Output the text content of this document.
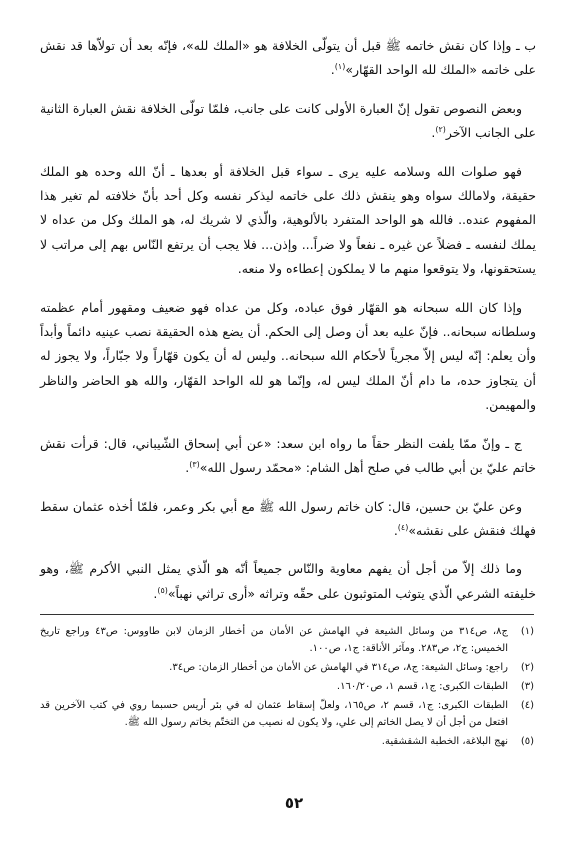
ب ـ وإذا كان نقش خاتمه ﷺ قبل أن يتولّى الخلافة هو «الملك لله»، فإنّه بعد أن تولاّها قد نقش على خاتمه «الملك لله الواحد القهّار»$^{(١)}$.

وبعض النصوص تقول إنّ العبارة الأولى كانت على جانب، فلمّا تولّى الخلافة نقش العبارة الثانية على الجانب الآخر$^{(٢)}$.

فهو صلوات الله وسلامه عليه يرى ـ سواء قبل الخلافة أو بعدها ـ أنّ الله وحده هو الملك حقيقة، ولامالك سواه وهو ينقش ذلك على خاتمه ليذكر نفسه وكل أحد بأنّ خلافته لم تغير هذا المفهوم عنده.. فالله هو الواحد المتفرد بالألوهية، والّذي لا شريك له، هو الملك وكل من عداه لا يملك لنفسه ـ فضلاً عن غيره ـ نفعاً ولا ضراً... وإذن... فلا يجب أن يرتفع النّاس بهم إلى مراتب لا يستحقونها، ولا يتوقعوا منهم ما لا يملكون إعطاءه ولا منعه.

وإذا كان الله سبحانه هو القهّار فوق عباده، وكل من عداه فهو ضعيف ومقهور أمام عظمته وسلطانه سبحانه.. فإنّ عليه بعد أن وصل إلى الحكم. أن يضع هذه الحقيقة نصب عينيه دائماً وأبداً وأن يعلم: إنّه ليس إلاّ مجرياً لأحكام الله سبحانه.. وليس له أن يكون قهّاراً ولا جبّاراً، ولا يجوز له أن يتجاوز حده، ما دام أنّ الملك ليس له، وإنّما هو لله الواحد القهّار، والله هو الحاضر والناظر والمهيمن.

ج ـ وإنّ ممّا يلفت النظر حقاً ما رواه ابن سعد: «عن أبي إسحاق الشّيباني، قال: قرأت نقش خاتم عليّ بن أبي طالب في صلح أهل الشام: «محمّد رسول الله»$^{(٣)}$.

وعن عليّ بن حسين، قال: كان خاتم رسول الله ﷺ مع أبي بكر وعمر، فلمّا أخذه عثمان سقط فهلك فنقش على نقشه»$^{(٤)}$.

وما ذلك إلاّ من أجل أن يفهم معاوية والنّاس جميعاً أنّه هو الّذي يمثل النبي الأكرم ﷺ، وهو خليفته الشرعي الّذي يتوثب المتوثبون على حقّه وتراثه «أرى تراثي نهباً»$^{(٥)}$.

(١)
ج٨، ص٣١٤ من وسائل الشيعة في الهامش عن الأمان من أخطار الزمان لابن طاووس: ص٤٣ وراجع تاريخ الخميس: ج٢، ص٢٨٣. ومآثر الأناقة: ج١، ص١٠٠.
(٢)
راجع: وسائل الشيعة: ج٨، ص٣١٤ في الهامش عن الأمان من أخطار الزمان: ص٣٤.
(٣)
الطبقات الكبرى: ج١، قسم ١، ص١٦٠/٢٠.
(٤)
الطبقات الكبرى: ج١، قسم ٢، ص١٦٥، ولعلّ إسقاط عثمان له في بئر أريس حسبما روي في كتب الآخرين قد افتعل من أجل أن لا يصل الخاتم إلى علي، ولا يكون له نصيب من التختّم بخاتم رسول الله ﷺ.
(٥)
نهج البلاغة، الخطبة الشقشقية.
٥٢
